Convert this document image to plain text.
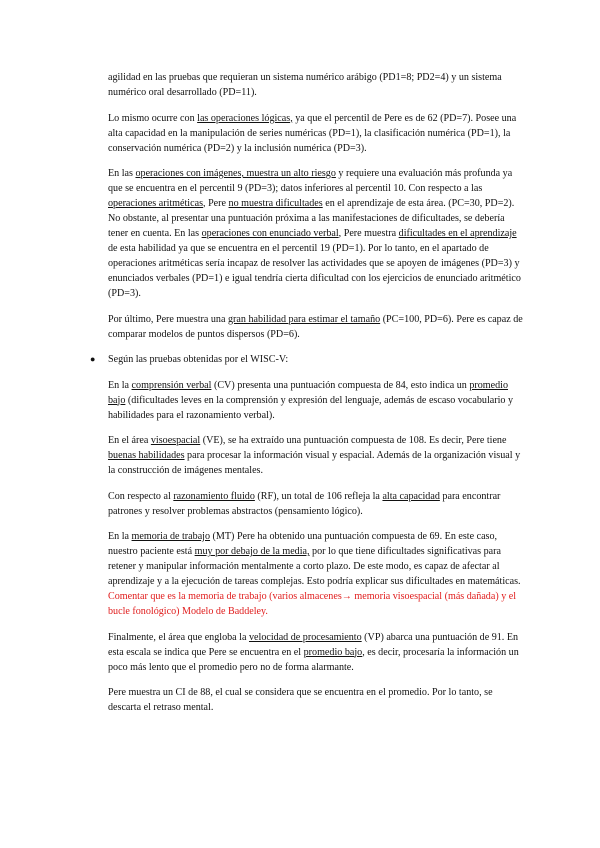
agilidad en las pruebas que requieran un sistema numérico arábigo (PD1=8; PD2=4) y un sistema numérico oral desarrollado (PD=11).

Lo mismo ocurre con las operaciones lógicas, ya que el percentil de Pere es de 62 (PD=7). Posee una alta capacidad en la manipulación de series numéricas (PD=1), la clasificación numérica (PD=1), la conservación numérica (PD=2) y la inclusión numérica (PD=3).

En las operaciones con imágenes, muestra un alto riesgo y requiere una evaluación más profunda ya que se encuentra en el percentil 9 (PD=3); datos inferiores al percentil 10. Con respecto a las operaciones aritméticas, Pere no muestra dificultades en el aprendizaje de esta área. (PC=30, PD=2). No obstante, al presentar una puntuación próxima a las manifestaciones de dificultades, se debería tener en cuenta. En las operaciones con enunciado verbal, Pere muestra dificultades en el aprendizaje de esta habilidad ya que se encuentra en el percentil 19 (PD=1). Por lo tanto, en el apartado de operaciones aritméticas sería incapaz de resolver las actividades que se apoyen de imágenes (PD=3) y enunciados verbales (PD=1) e igual tendría cierta dificultad con los ejercicios de enunciado aritmético (PD=3).

Por último, Pere muestra una gran habilidad para estimar el tamaño (PC=100, PD=6). Pere es capaz de comparar modelos de puntos dispersos (PD=6).

● Según las pruebas obtenidas por el WISC-V:

En la comprensión verbal (CV) presenta una puntuación compuesta de 84, esto indica un promedio bajo (dificultades leves en la comprensión y expresión del lenguaje, además de escaso vocabulario y habilidades para el razonamiento verbal).

En el área visoespacial (VE), se ha extraído una puntuación compuesta de 108. Es decir, Pere tiene buenas habilidades para procesar la información visual y espacial. Además de la organización visual y la construcción de imágenes mentales.

Con respecto al razonamiento fluido (RF), un total de 106 refleja la alta capacidad para encontrar patrones y resolver problemas abstractos (pensamiento lógico).

En la memoria de trabajo (MT) Pere ha obtenido una puntuación compuesta de 69. En este caso, nuestro paciente está muy por debajo de la media, por lo que tiene dificultades significativas para retener y manipular información mentalmente a corto plazo. De este modo, es capaz de afectar al aprendizaje y a la ejecución de tareas complejas. Esto podría explicar sus dificultades en matemáticas. Comentar que es la memoria de trabajo (varios almacenes→ memoria visoespacial (más dañada) y el bucle fonológico) Modelo de Baddeley.

Finalmente, el área que engloba la velocidad de procesamiento (VP) abarca una puntuación de 91. En esta escala se indica que Pere se encuentra en el promedio bajo, es decir, procesaría la información un poco más lento que el promedio pero no de forma alarmante.

Pere muestra un CI de 88, el cual se considera que se encuentra en el promedio. Por lo tanto, se descarta el retraso mental.
